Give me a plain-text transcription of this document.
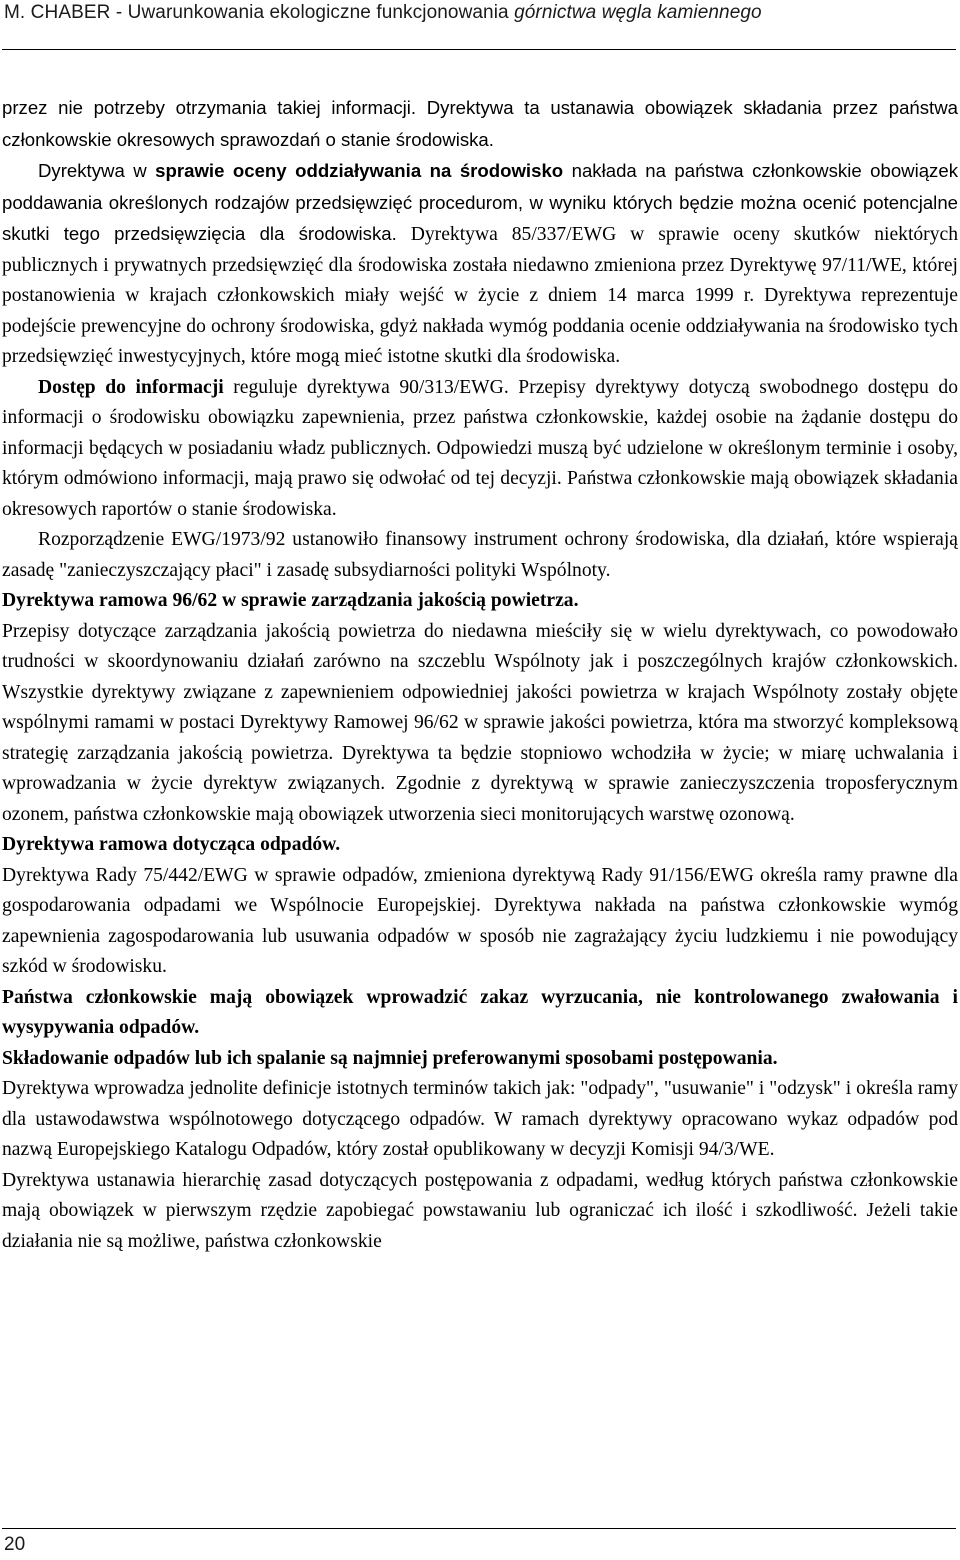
M. CHABER - Uwarunkowania ekologiczne funkcjonowania górnictwa węgla kamiennego

przez nie potrzeby otrzymania takiej informacji. Dyrektywa ta ustanawia obowiązek składania przez państwa członkowskie okresowych sprawozdań o stanie środowiska.

Dyrektywa w sprawie oceny oddziaływania na środowisko nakłada na państwa członkowskie obowiązek poddawania określonych rodzajów przedsięwzięć procedurom, w wyniku których będzie można ocenić potencjalne skutki tego przedsięwzięcia dla środowiska. Dyrektywa 85/337/EWG w sprawie oceny skutków niektórych publicznych i prywatnych przedsięwzięć dla środowiska została niedawno zmieniona przez Dyrektywę 97/11/WE, której postanowienia w krajach członkowskich miały wejść w życie z dniem 14 marca 1999 r. Dyrektywa reprezentuje podejście prewencyjne do ochrony środowiska, gdyż nakłada wymóg poddania ocenie oddziaływania na środowisko tych przedsięwzięć inwestycyjnych, które mogą mieć istotne skutki dla środowiska.

Dostęp do informacji reguluje dyrektywa 90/313/EWG. Przepisy dyrektywy dotyczą swobodnego dostępu do informacji o środowisku obowiązku zapewnienia, przez państwa członkowskie, każdej osobie na żądanie dostępu do informacji będących w posiadaniu władz publicznych. Odpowiedzi muszą być udzielone w określonym terminie i osoby, którym odmówiono informacji, mają prawo się odwołać od tej decyzji. Państwa członkowskie mają obowiązek składania okresowych raportów o stanie środowiska.

Rozporządzenie EWG/1973/92 ustanowiło finansowy instrument ochrony środowiska, dla działań, które wspierają zasadę "zanieczyszczający płaci" i zasadę subsydiarności polityki Wspólnoty.

Dyrektywa ramowa 96/62 w sprawie zarządzania jakością powietrza.

Przepisy dotyczące zarządzania jakością powietrza do niedawna mieściły się w wielu dyrektywach, co powodowało trudności w skoordynowaniu działań zarówno na szczeblu Wspólnoty jak i poszczególnych krajów członkowskich. Wszystkie dyrektywy związane z zapewnieniem odpowiedniej jakości powietrza w krajach Wspólnoty zostały objęte wspólnymi ramami w postaci Dyrektywy Ramowej 96/62 w sprawie jakości powietrza, która ma stworzyć kompleksową strategię zarządzania jakością powietrza. Dyrektywa ta będzie stopniowo wchodziła w życie; w miarę uchwalania i wprowadzania w życie dyrektyw związanych. Zgodnie z dyrektywą w sprawie zanieczyszczenia troposferycznym ozonem, państwa członkowskie mają obowiązek utworzenia sieci monitorujących warstwę ozonową.

Dyrektywa ramowa dotycząca odpadów.

Dyrektywa Rady 75/442/EWG w sprawie odpadów, zmieniona dyrektywą Rady 91/156/EWG określa ramy prawne dla gospodarowania odpadami we Wspólnocie Europejskiej. Dyrektywa nakłada na państwa członkowskie wymóg zapewnienia zagospodarowania lub usuwania odpadów w sposób nie zagrażający życiu ludzkiemu i nie powodujący szkód w środowisku.

Państwa członkowskie mają obowiązek wprowadzić zakaz wyrzucania, nie kontrolowanego zwałowania i wysypywania odpadów.

Składowanie odpadów lub ich spalanie są najmniej preferowanymi sposobami postępowania.

Dyrektywa wprowadza jednolite definicje istotnych terminów takich jak: "odpady", "usuwanie" i "odzysk" i określa ramy dla ustawodawstwa wspólnotowego dotyczącego odpadów. W ramach dyrektywy opracowano wykaz odpadów pod nazwą Europejskiego Katalogu Odpadów, który został opublikowany w decyzji Komisji 94/3/WE.

Dyrektywa ustanawia hierarchię zasad dotyczących postępowania z odpadami, według których państwa członkowskie mają obowiązek w pierwszym rzędzie zapobiegać powstawaniu lub ograniczać ich ilość i szkodliwość. Jeżeli takie działania nie są możliwe, państwa członkowskie

20
